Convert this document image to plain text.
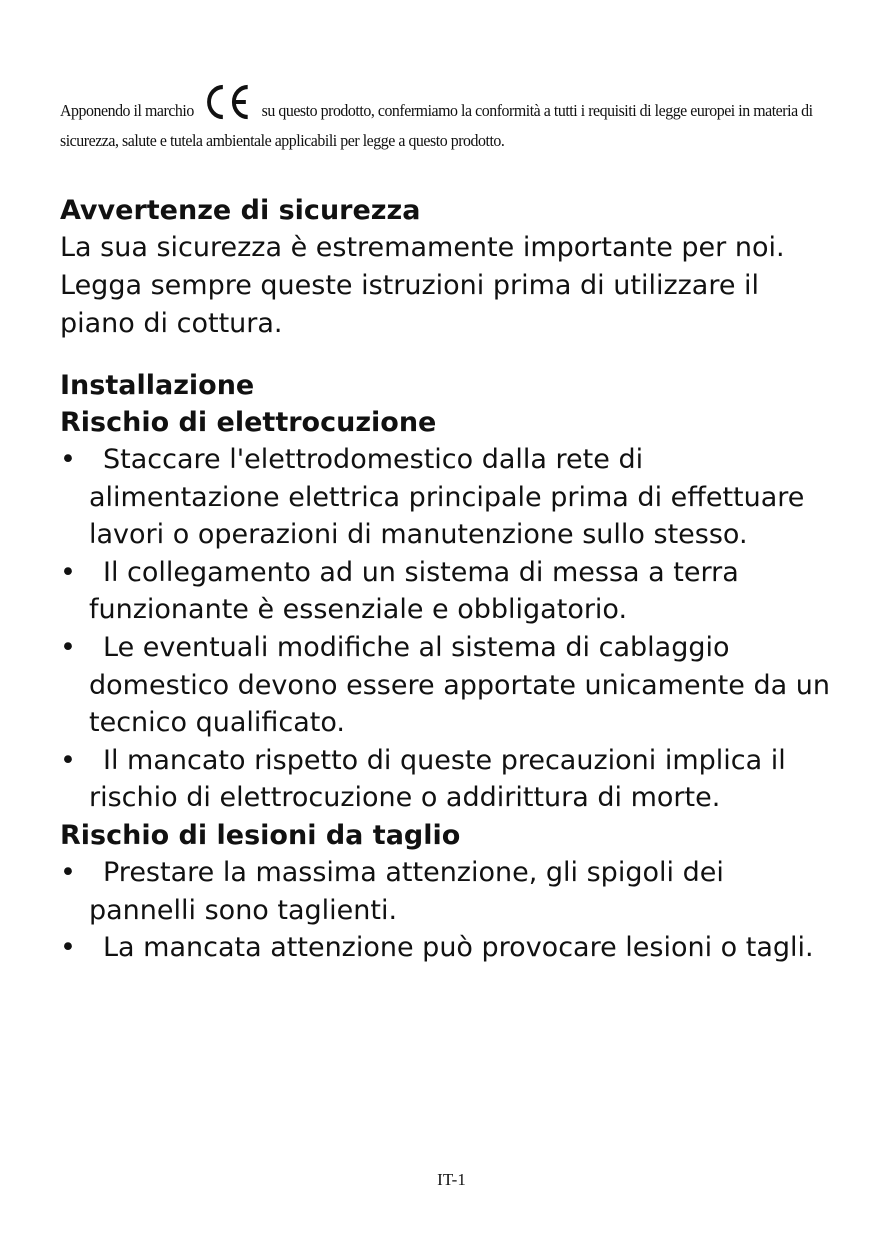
Apponendo il marchio	su questo prodotto, confermiamo la conformità a tutti i requisiti di legge europei in materia di sicurezza, salute e tutela ambientale applicabili per legge a questo prodotto.
Avvertenze di sicurezza
La sua sicurezza è estremamente importante per noi. Legga sempre queste istruzioni prima di utilizzare il piano di cottura.
Installazione
Rischio di elettrocuzione
• Staccare l'elettrodomestico dalla rete di alimentazione elettrica principale prima di effettuare lavori o operazioni di manutenzione sullo stesso.
• Il collegamento ad un sistema di messa a terra funzionante è essenziale e obbligatorio.
• Le eventuali modifiche al sistema di cablaggio domestico devono essere apportate unicamente da un tecnico qualificato.
• Il mancato rispetto di queste precauzioni implica il rischio di elettrocuzione o addirittura di morte.
Rischio di lesioni da taglio
• Prestare la massima attenzione, gli spigoli dei pannelli sono taglienti.
• La mancata attenzione può provocare lesioni o tagli.
IT-1
